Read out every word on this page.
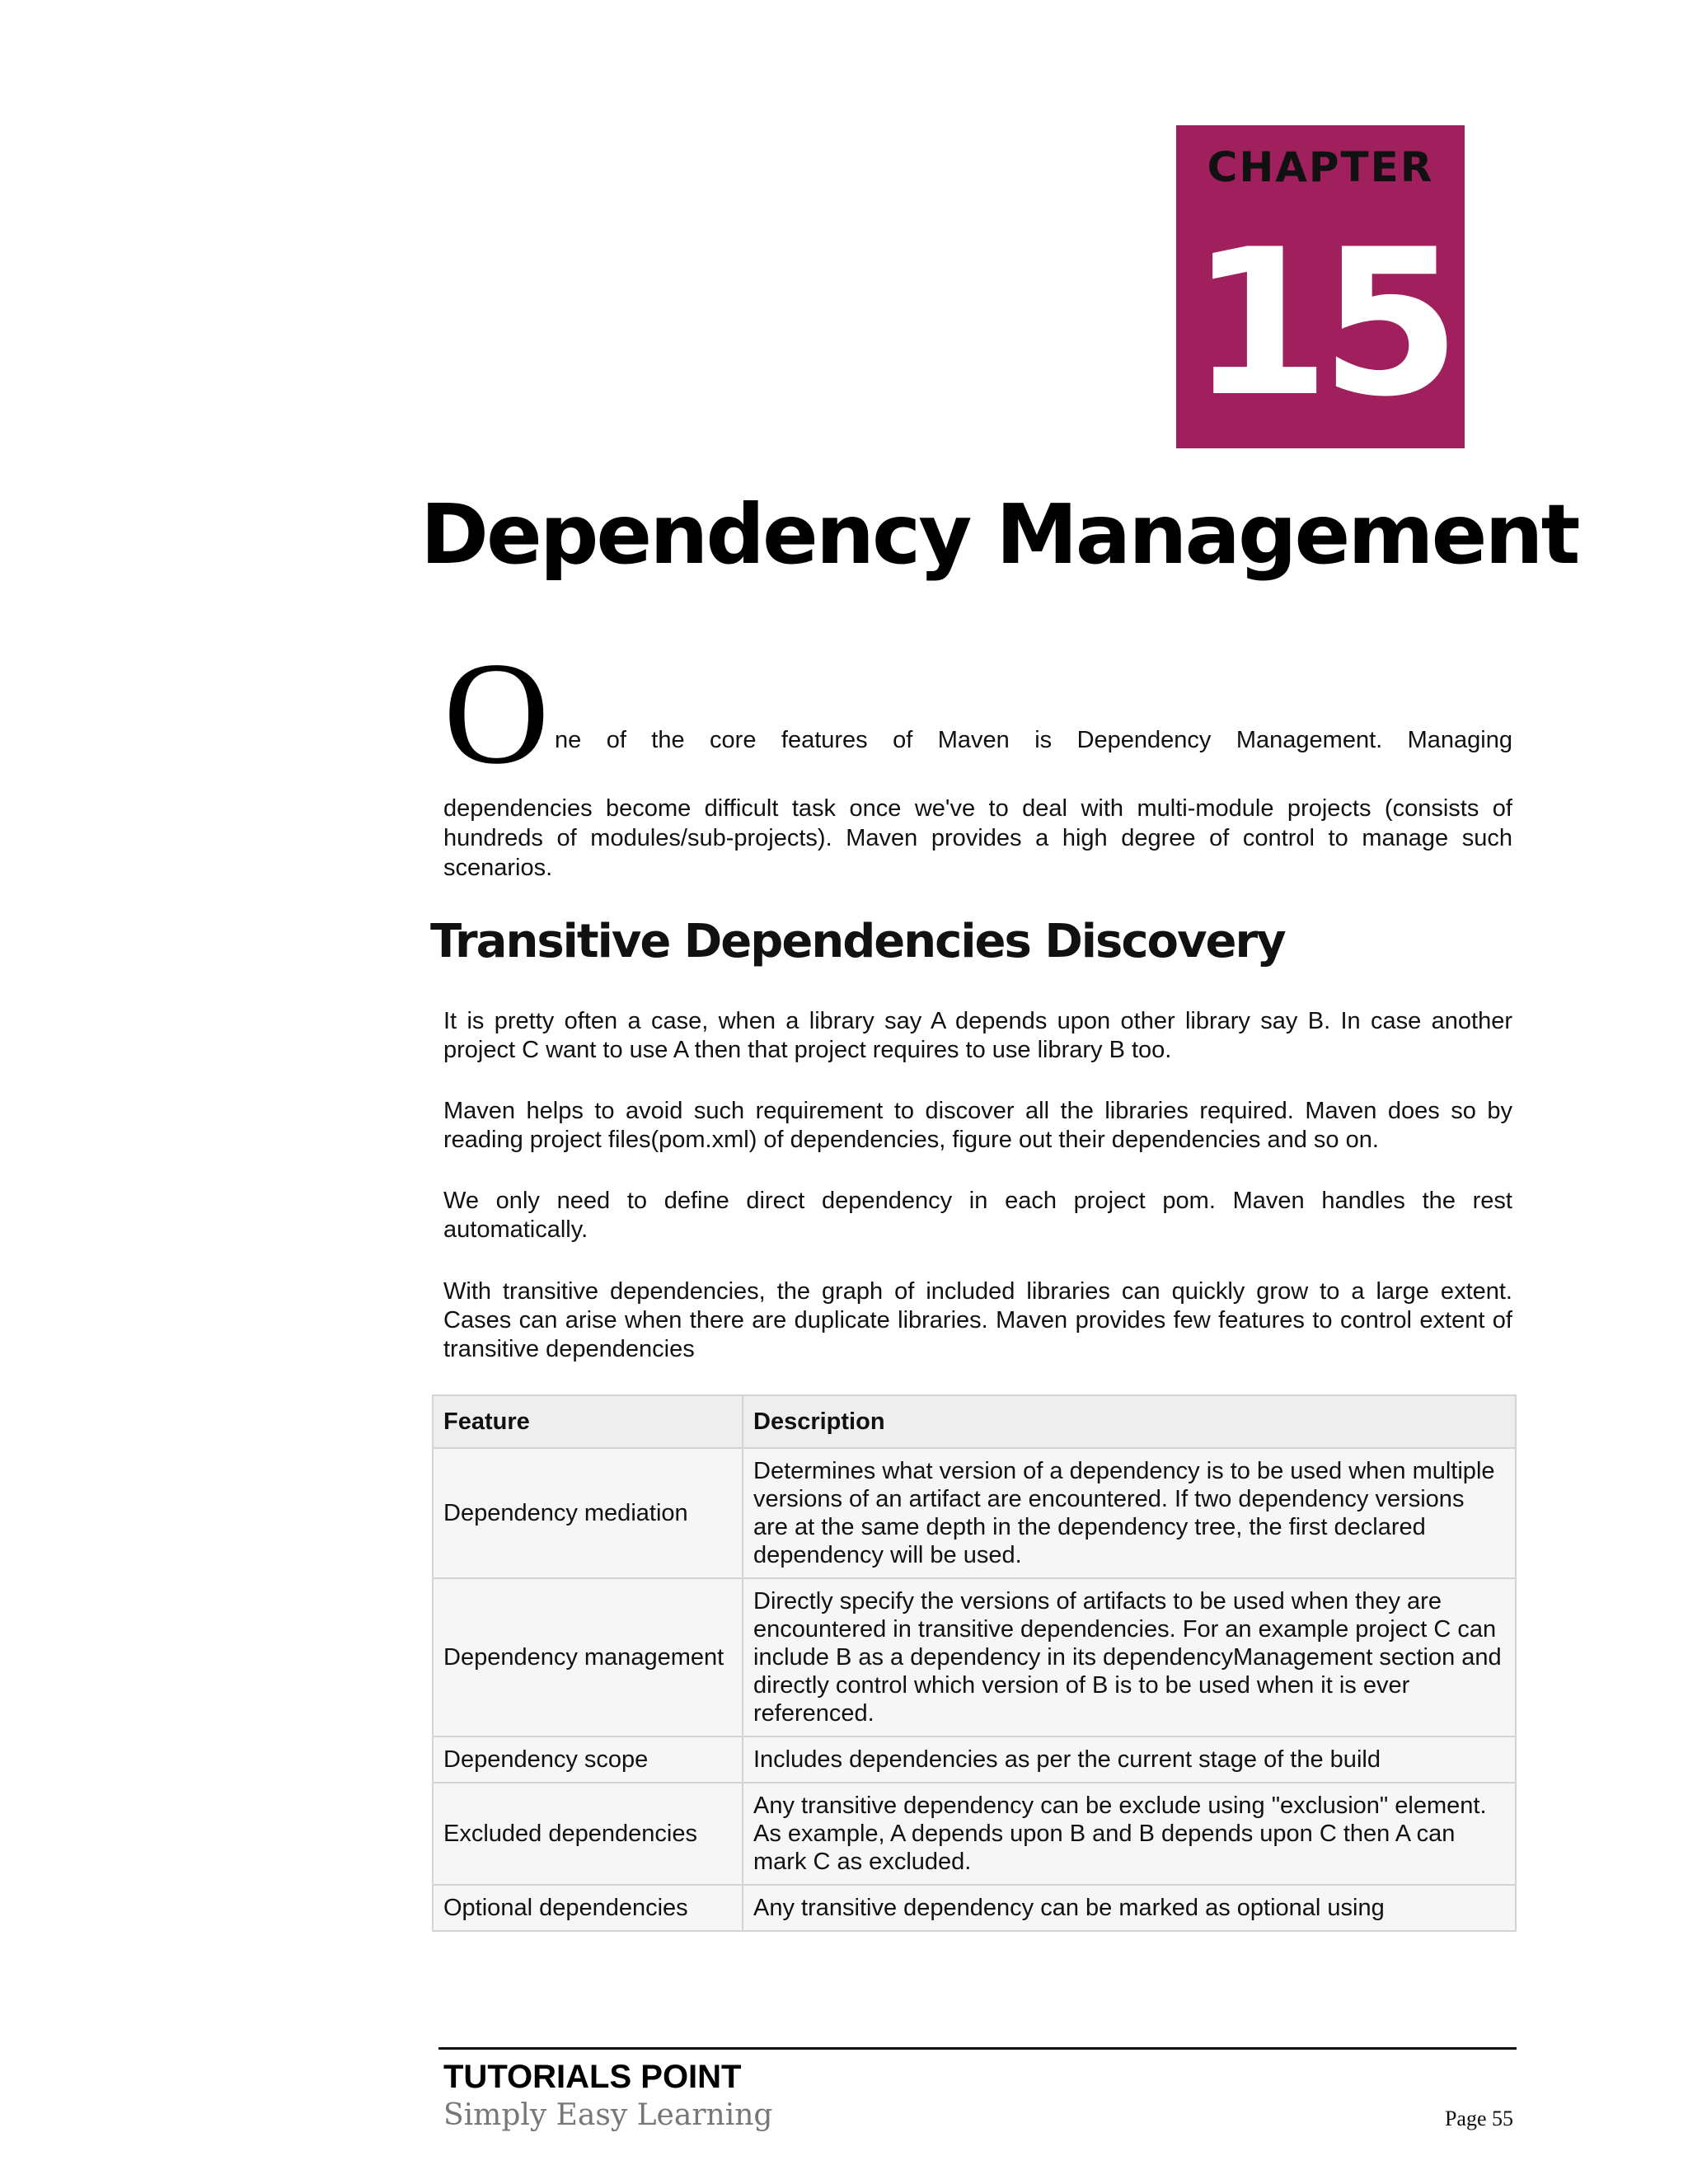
CHAPTER
15
Dependency Management
O ne of the core features of Maven is Dependency Management. Managing

dependencies become difficult task once we've to deal with multi-module projects (consists of hundreds of modules/sub-projects). Maven provides a high degree of control to manage such scenarios.

Transitive Dependencies Discovery

It is pretty often a case, when a library say A depends upon other library say B. In case another project C want to use A then that project requires to use library B too.

Maven helps to avoid such requirement to discover all the libraries required. Maven does so by reading project files(pom.xml) of dependencies, figure out their dependencies and so on.

We only need to define direct dependency in each project pom. Maven handles the rest automatically.

With transitive dependencies, the graph of included libraries can quickly grow to a large extent. Cases can arise when there are duplicate libraries. Maven provides few features to control extent of transitive dependencies

Feature	Description
Dependency mediation	Determines what version of a dependency is to be used when multiple versions of an artifact are encountered. If two dependency versions are at the same depth in the dependency tree, the first declared dependency will be used.
Dependency management	Directly specify the versions of artifacts to be used when they are encountered in transitive dependencies. For an example project C can include B as a dependency in its dependencyManagement section and directly control which version of B is to be used when it is ever referenced.
Dependency scope	Includes dependencies as per the current stage of the build
Excluded dependencies	Any transitive dependency can be exclude using "exclusion" element. As example, A depends upon B and B depends upon C then A can mark C as excluded.
Optional dependencies	Any transitive dependency can be marked as optional using
TUTORIALS POINT
Simply Easy Learning	Page 55
